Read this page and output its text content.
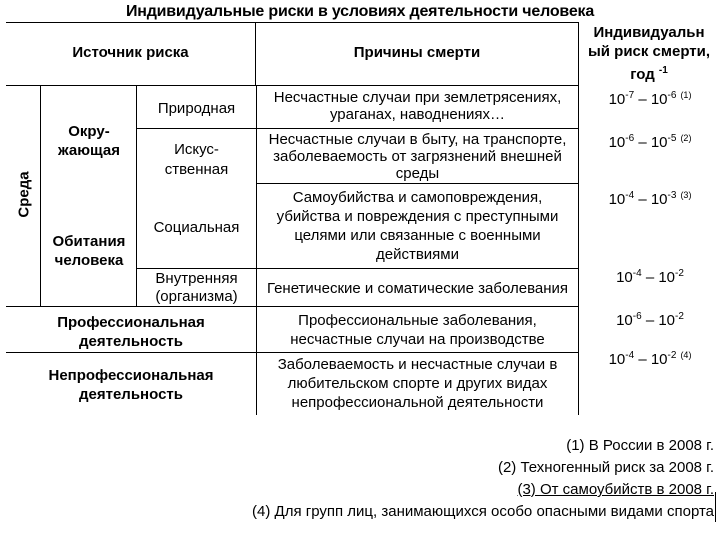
Индивидуальные риски в условиях деятельности человека
Источник риска	Причины смерти
Индивидуальн
ый риск смерти,
год $^{-1}$
Среда
Окру-
жающая
Обитания
человека
Профессиональная
деятельность
Непрофессиональная
деятельность
Природная
Искус-
ственная
Социальная
Внутренняя
(организма)
Несчастные случаи при землетрясениях,
ураганах, наводнениях…
Несчастные случаи в быту, на транспорте,
заболеваемость от загрязнений внешней
среды
Самоубийства и самоповреждения,
убийства и повреждения с преступными
целями или связанные с военными
действиями
Генетические и соматические заболевания
Профессиональные заболевания,
несчастные случаи на производстве
Заболеваемость и несчастные случаи в
любительском спорте и других видах
непрофессиональной деятельности
$10^{-7} - 10^{-6}$ $^{(1)}$
$10^{-6} - 10^{-5}$ $^{(2)}$
$10^{-4} - 10^{-3}$ $^{(3)}$
$10^{-4} - 10^{-2}$
$10^{-6} - 10^{-2}$
$10^{-4} - 10^{-2}$ $^{(4)}$
(1) В России в 2008 г.
(2) Техногенный риск за 2008 г.
(3) От самоубийств в 2008 г.
(4) Для групп лиц, занимающихся особо опасными видами спорта
